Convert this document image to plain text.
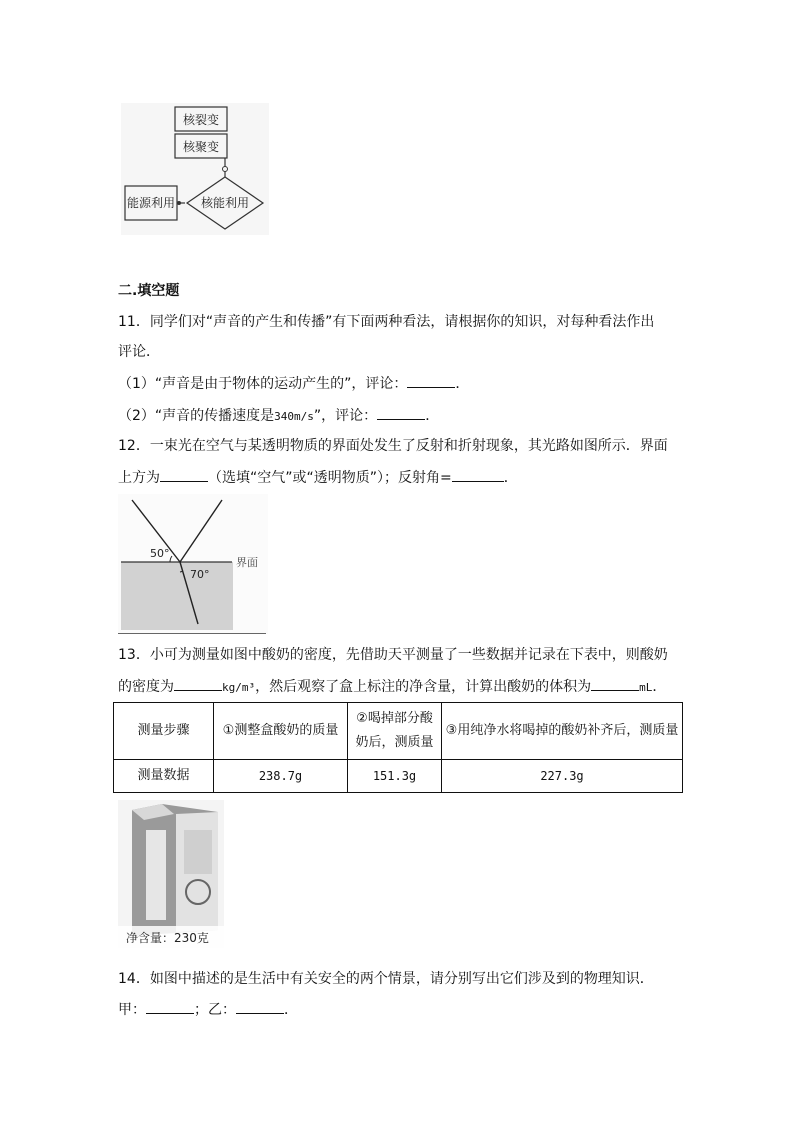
核裂变
核聚变
核能利用
能源利用
二.填空题
11．同学们对“声音的产生和传播”有下面两种看法，请根据你的知识，对每种看法作出
评论．
（1）“声音是由于物体的运动产生的”，评论：	．
（2）“声音的传播速度是340m/s”，评论：	．
12．一束光在空气与某透明物质的界面处发生了反射和折射现象，其光路如图所示．界面
上方为	（选填“空气”或“透明物质”）；反射角=	．
50°
70°
界面
13．小可为测量如图中酸奶的密度，先借助天平测量了一些数据并记录在下表中，则酸奶
的密度为	kg/m³，然后观察了盒上标注的净含量，计算出酸奶的体积为	mL．
测量步骤	①测整盒酸奶的质量	②喝掉部分酸奶后，测质量	③用纯净水将喝掉的酸奶补齐后，测质量
测量数据	238.7g	151.3g	227.3g
净含量：230克
14．如图中描述的是生活中有关安全的两个情景，请分别写出它们涉及到的物理知识．
甲：	；乙：	．
